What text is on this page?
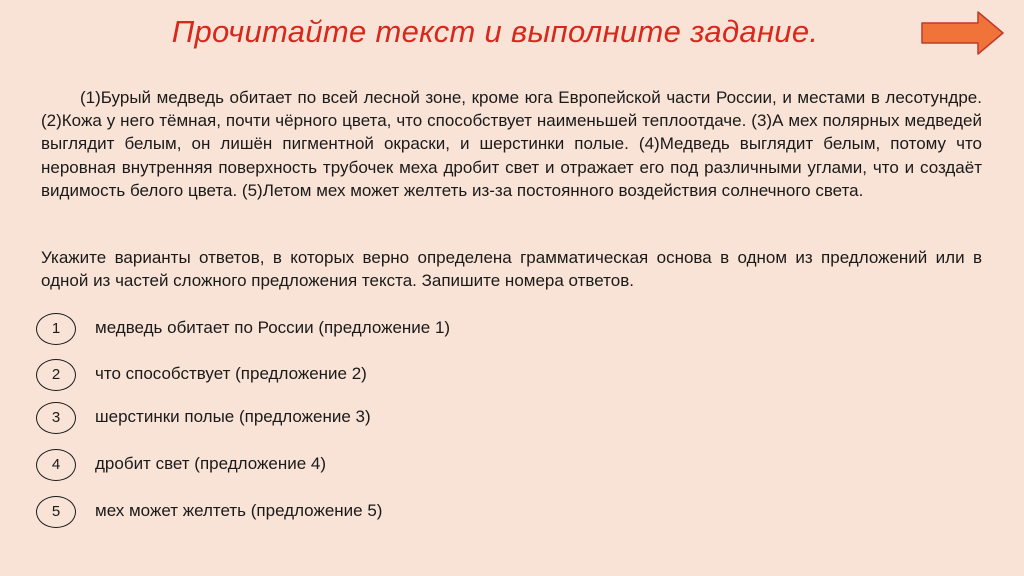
Прочитайте текст и выполните задание.

(1)Бурый медведь обитает по всей лесной зоне, кроме юга Европейской части России, и местами в лесотундре. (2)Кожа у него тёмная, почти чёрного цвета, что способствует наименьшей теплоотдаче. (3)А мех полярных медведей выглядит белым, он лишён пигментной окраски, и шерстинки полые. (4)Медведь выглядит белым, потому что неровная внутренняя поверхность трубочек меха дробит свет и отражает его под различными углами, что и создаёт видимость белого цвета. (5)Летом мех может желтеть из-за постоянного воздействия солнечного света.

Укажите варианты ответов, в которых верно определена грамматическая основа в одном из предложений или в одной из частей сложного предложения текста. Запишите номера ответов.

1	медведь обитает по России (предложение 1)
2	что способствует (предложение 2)
3	шерстинки полые (предложение 3)
4	дробит свет (предложение 4)
5	мех может желтеть (предложение 5)
